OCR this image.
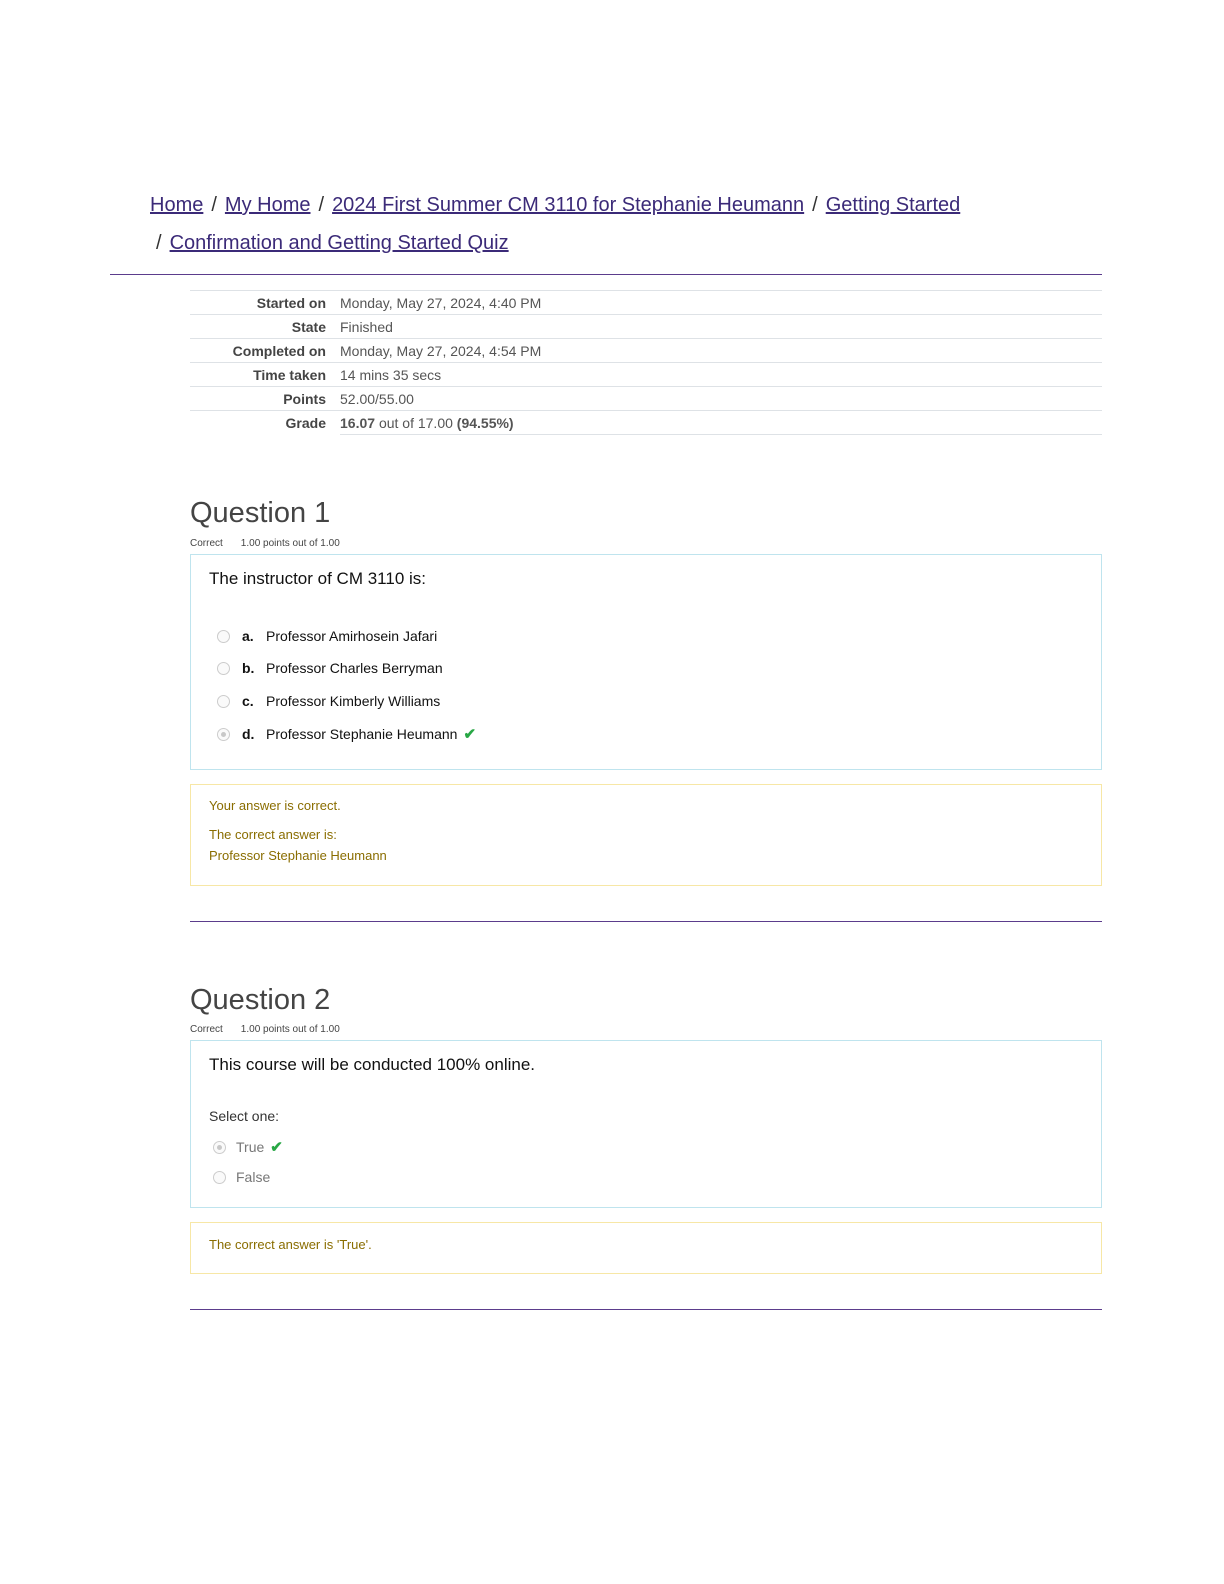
Home / My Home / 2024 First Summer CM 3110 for Stephanie Heumann / Getting Started
/ Confirmation and Getting Started Quiz
Started on	Monday, May 27, 2024, 4:40 PM
State	Finished
Completed on	Monday, May 27, 2024, 4:54 PM
Time taken	14 mins 35 secs
Points	52.00/55.00
Grade	16.07 out of 17.00 (94.55%)
Question 1
Correct 1.00 points out of 1.00
The instructor of CM 3110 is:
a. Professor Amirhosein Jafari
b. Professor Charles Berryman
c. Professor Kimberly Williams
d. Professor Stephanie Heumann ✔
Your answer is correct.
The correct answer is:
Professor Stephanie Heumann
Question 2
Correct 1.00 points out of 1.00
This course will be conducted 100% online.
Select one:
True ✔
False
The correct answer is 'True'.
